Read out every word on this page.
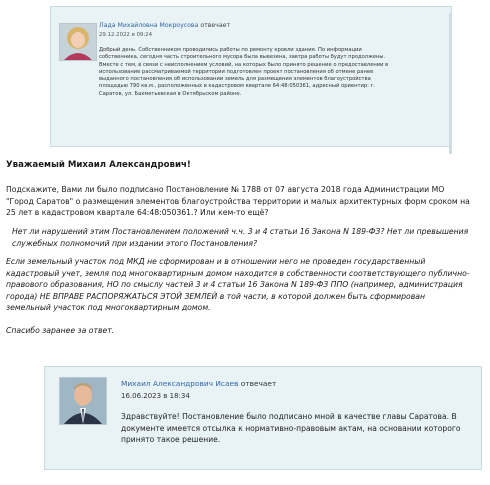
Лада Михайловна Мокроусова отвечает
29.12.2022 в 09:24
Добрый день. Собственником проводились работы по ремонту кровли здания. По информации собственника, сегодня часть строительного мусора была вывезена, завтра работы будут продолжены. Вместе с тем, в связи с неисполнением условий, на которых было принято решение о предоставлении в использование рассматриваемой территории подготовлен проект постановления об отмене ранее выданного постановления об использовании земель для размещения элементов благоустройства площадью 790 кв.м., расположенных в кадастровом квартале 64:48:050361, адресный ориентир: г. Саратов, ул. Бахметьевская в Октябрьском районе.
Уважаемый Михаил Александрович!
Подскажите, Вами ли было подписано Постановление № 1788 от 07 августа 2018 года Администрации МО "Город Саратов" о размещения элементов благоустройства территории и малых архитектурных форм сроком на 25 лет в кадастровом квартале 64:48:050361.? Или кем-то ещё?
Нет ли нарушений этим Постановлением положений ч.ч. 3 и 4 статьи 16 Закона N 189-ФЗ? Нет ли превышения служебных полномочий при издании этого Постановления?
Если земельный участок под МКД не сформирован и в отношении него не проведен государственный кадастровый учет, земля под многоквартирным домом находится в собственности соответствующего публично-правового образования, НО по смыслу частей 3 и 4 статьи 16 Закона N 189-ФЗ ППО (например, администрация города) НЕ ВПРАВЕ РАСПОРЯЖАТЬСЯ ЭТОЙ ЗЕМЛЕЙ в той части, в которой должен быть сформирован земельный участок под многоквартирным домом.
Спасибо заранее за ответ.
Михаил Александрович Исаев отвечает
16.06.2023 в 18:34
Здравствуйте! Постановление было подписано мной в качестве главы Саратова. В документе имеется отсылка к нормативно-правовым актам, на основании которого принято такое решение.
